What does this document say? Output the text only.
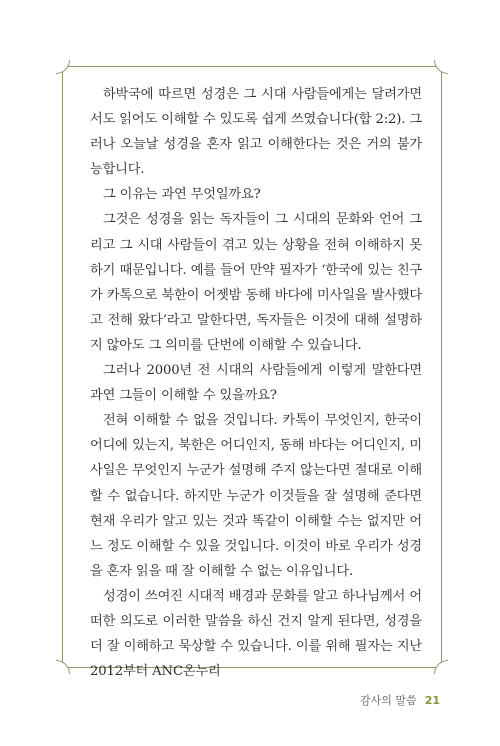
하박국에 따르면 성경은 그 시대 사람들에게는 달려가면서도 읽어도 이해할 수 있도록 쉽게 쓰였습니다(합 2:2). 그러나 오늘날 성경을 혼자 읽고 이해한다는 것은 거의 불가능합니다.

그 이유는 과연 무엇일까요?

그것은 성경을 읽는 독자들이 그 시대의 문화와 언어 그리고 그 시대 사람들이 겪고 있는 상황을 전혀 이해하지 못하기 때문입니다. 예를 들어 만약 필자가 ‘한국에 있는 친구가 카톡으로 북한이 어젯밤 동해 바다에 미사일을 발사했다고 전해 왔다’라고 말한다면, 독자들은 이것에 대해 설명하지 않아도 그 의미를 단번에 이해할 수 있습니다.

그러나 2000년 전 시대의 사람들에게 이렇게 말한다면 과연 그들이 이해할 수 있을까요?

전혀 이해할 수 없을 것입니다. 카톡이 무엇인지, 한국이 어디에 있는지, 북한은 어디인지, 동해 바다는 어디인지, 미사일은 무엇인지 누군가 설명해 주지 않는다면 절대로 이해할 수 없습니다. 하지만 누군가 이것들을 잘 설명해 준다면 현재 우리가 알고 있는 것과 똑같이 이해할 수는 없지만 어느 정도 이해할 수 있을 것입니다. 이것이 바로 우리가 성경을 혼자 읽을 때 잘 이해할 수 없는 이유입니다.

성경이 쓰여진 시대적 배경과 문화를 알고 하나님께서 어떠한 의도로 이러한 말씀을 하신 건지 알게 된다면, 성경을 더 잘 이해하고 묵상할 수 있습니다. 이를 위해 필자는 지난 2012부터 ANC온누리

감사의 말씀 21
